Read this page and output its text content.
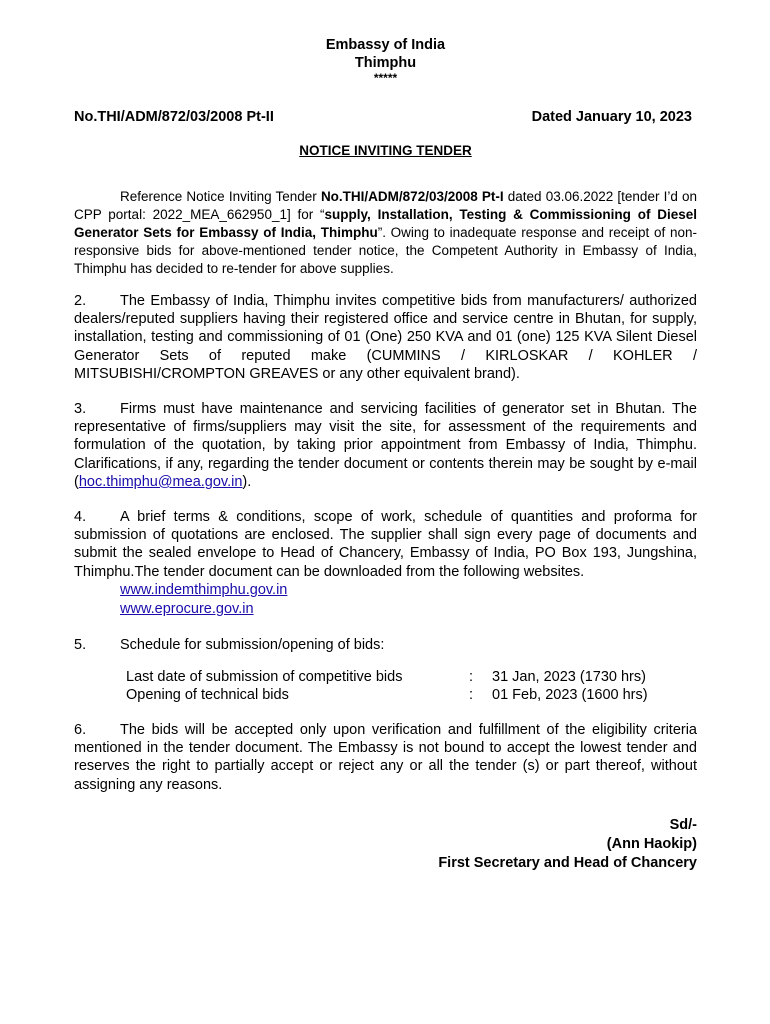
Embassy of India
Thimphu
*****
No.THI/ADM/872/03/2008 Pt-II	Dated January 10, 2023
NOTICE INVITING TENDER

Reference Notice Inviting Tender No.THI/ADM/872/03/2008 Pt-I dated 03.06.2022 [tender I’d on CPP portal: 2022_MEA_662950_1] for “supply, Installation, Testing & Commissioning of Diesel Generator Sets for Embassy of India, Thimphu”. Owing to inadequate response and receipt of non-responsive bids for above-mentioned tender notice, the Competent Authority in Embassy of India, Thimphu has decided to re-tender for above supplies.

2. The Embassy of India, Thimphu invites competitive bids from manufacturers/ authorized dealers/reputed suppliers having their registered office and service centre in Bhutan, for supply, installation, testing and commissioning of 01 (One) 250 KVA and 01 (one) 125 KVA Silent Diesel Generator Sets of reputed make (CUMMINS / KIRLOSKAR / KOHLER / MITSUBISHI/CROMPTON GREAVES or any other equivalent brand).

3. Firms must have maintenance and servicing facilities of generator set in Bhutan. The representative of firms/suppliers may visit the site, for assessment of the requirements and formulation of the quotation, by taking prior appointment from Embassy of India, Thimphu. Clarifications, if any, regarding the tender document or contents therein may be sought by e-mail (hoc.thimphu@mea.gov.in).

4. A brief terms & conditions, scope of work, schedule of quantities and proforma for submission of quotations are enclosed. The supplier shall sign every page of documents and submit the sealed envelope to Head of Chancery, Embassy of India, PO Box 193, Jungshina, Thimphu.The tender document can be downloaded from the following websites.

www.indemthimphu.gov.in
www.eprocure.gov.in

5. Schedule for submission/opening of bids:

Last date of submission of competitive bids	:	31 Jan, 2023 (1730 hrs)
Opening of technical bids	:	01 Feb, 2023 (1600 hrs)

6. The bids will be accepted only upon verification and fulfillment of the eligibility criteria mentioned in the tender document. The Embassy is not bound to accept the lowest tender and reserves the right to partially accept or reject any or all the tender (s) or part thereof, without assigning any reasons.

Sd/-
(Ann Haokip)
First Secretary and Head of Chancery
